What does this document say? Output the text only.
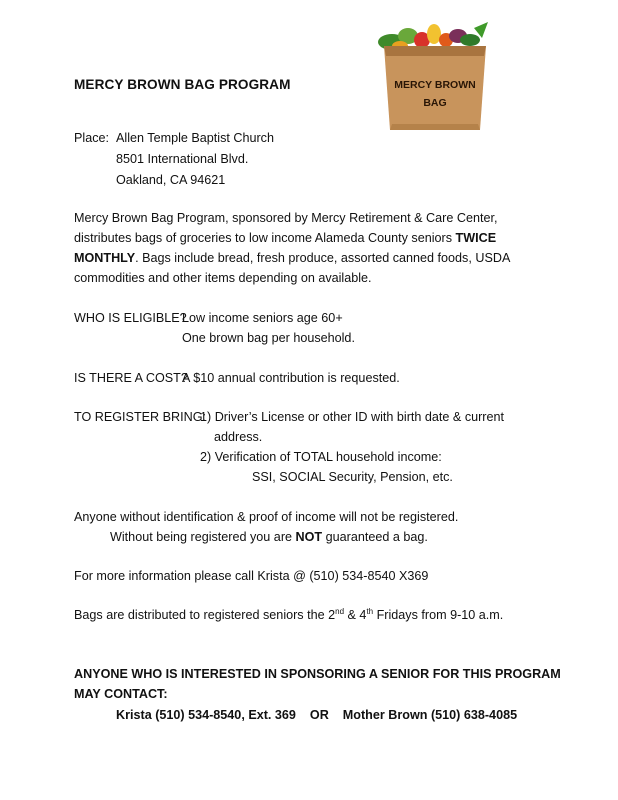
MERCY BROWN BAG PROGRAM	MERCY BROWN
BAG
Place: Allen Temple Baptist Church
8501 International Blvd.
Oakland, CA 94621
Mercy Brown Bag Program, sponsored by Mercy Retirement & Care Center,
distributes bags of groceries to low income Alameda County seniors TWICE
MONTHLY. Bags include bread, fresh produce, assorted canned foods, USDA
commodities and other items depending on available.
WHO IS ELIGIBLE?
Low income seniors age 60+
One brown bag per household.
IS THERE A COST?
A $10 annual contribution is requested.
TO REGISTER BRING:
1) Driver’s License or other ID with birth date & current
address.
2) Verification of TOTAL household income:
SSI, SOCIAL Security, Pension, etc.
Anyone without identification & proof of income will not be registered.
Without being registered you are NOT guaranteed a bag.
For more information please call Krista @ (510) 534-8540 X369
Bags are distributed to registered seniors the 2nd & 4th Fridays from 9-10 a.m.
ANYONE WHO IS INTERESTED IN SPONSORING A SENIOR FOR THIS PROGRAM
MAY CONTACT:
Krista (510) 534-8540, Ext. 369    OR    Mother Brown (510) 638-4085
